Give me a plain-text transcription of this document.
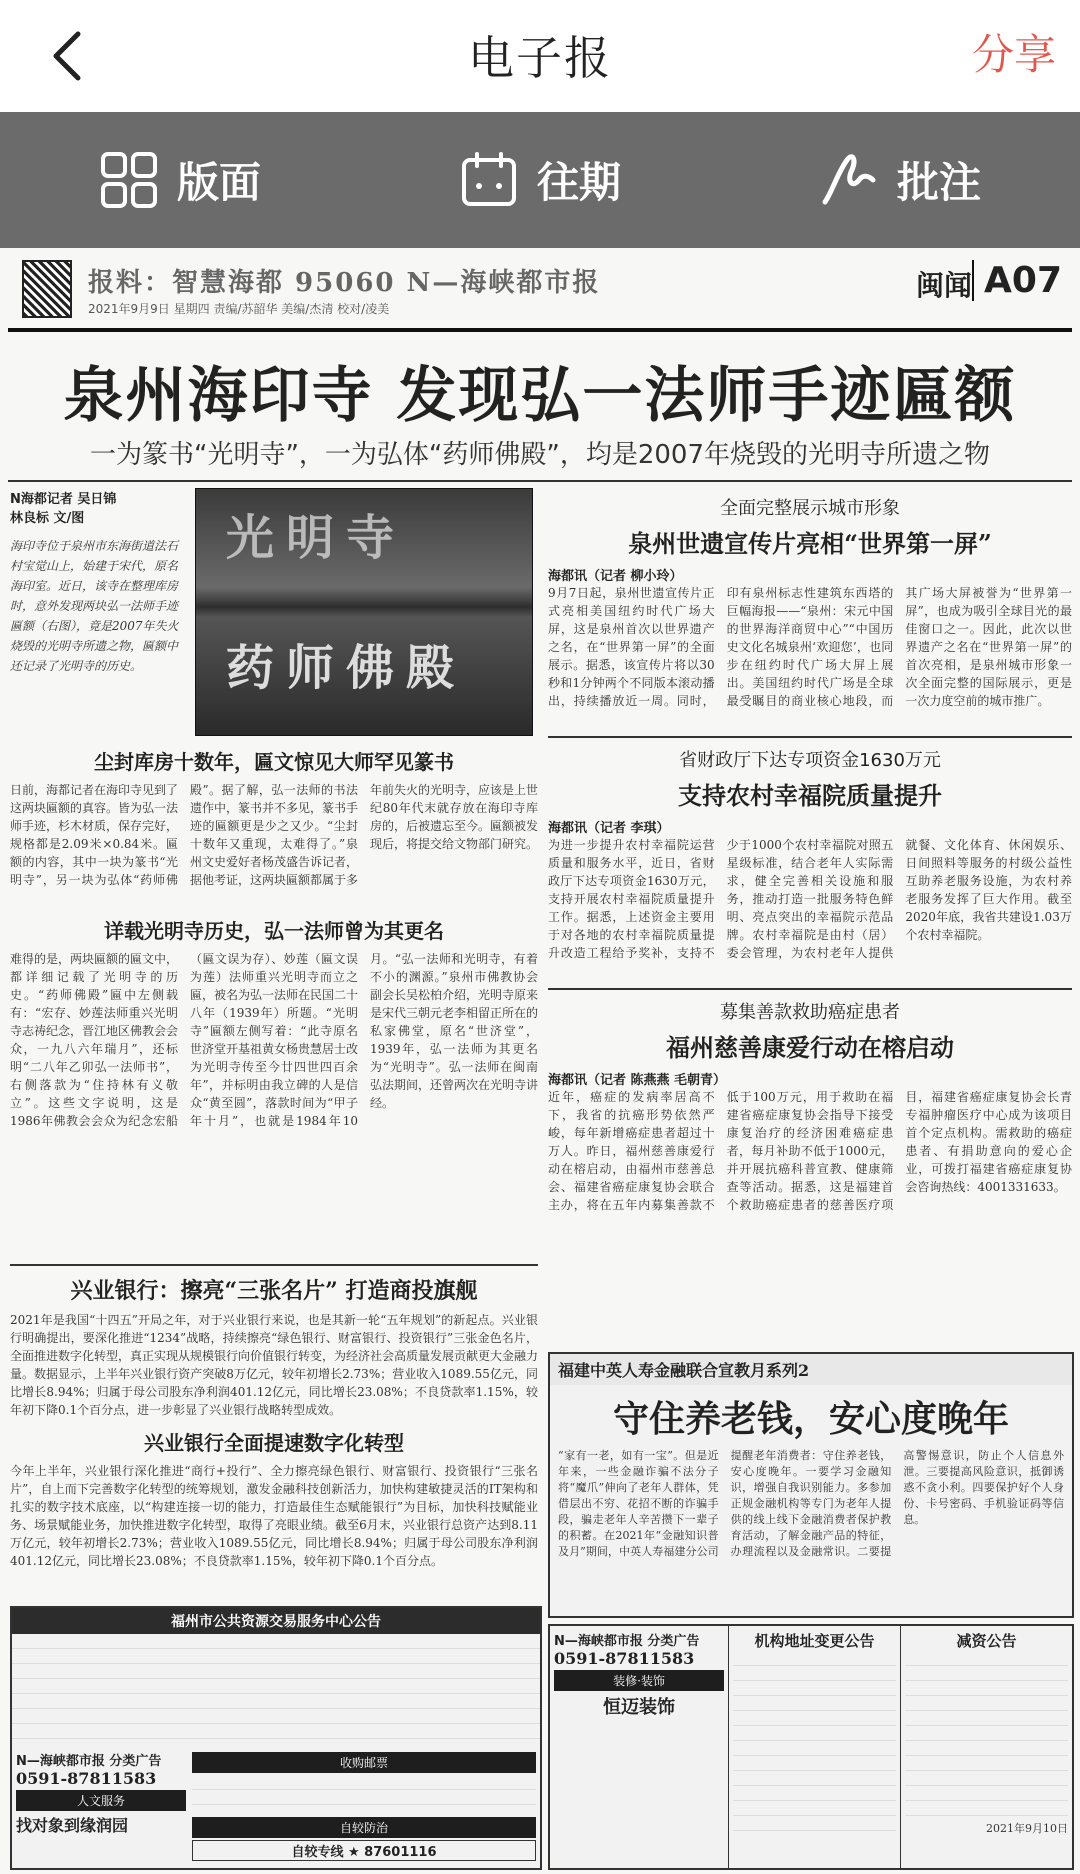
电子报	分享
版面	往期	批注
报料：智慧海都 95060 N—海峡都市报
2021年9月9日 星期四 责编/苏韶华 美编/杰清 校对/凌美
闽闻 A07
泉州海印寺 发现弘一法师手迹匾额
一为篆书“光明寺”，一为弘体“药师佛殿”，均是2007年烧毁的光明寺所遗之物
N海都记者 吴日锦
林良标 文/图
海印寺位于泉州市东海街道法石村宝觉山上，始建于宋代，原名海印室。近日，该寺在整理库房时，意外发现两块弘一法师手迹匾额（右图），竟是2007年失火烧毁的光明寺所遗之物，匾额中还记录了光明寺的历史。
光明寺
药师佛殿
尘封库房十数年，匾文惊见大师罕见篆书
日前，海都记者在海印寺见到了这两块匾额的真容。皆为弘一法师手迹，杉木材质，保存完好，规格都是2.09米×0.84米。匾额的内容，其中一块为篆书“光明寺”，另一块为弘体“药师佛殿”。据了解，弘一法师的书法遗作中，篆书并不多见，篆书手迹的匾额更是少之又少。“尘封十数年又重现，太难得了。”泉州文史爱好者杨茂盛告诉记者，据他考证，这两块匾额都属于多年前失火的光明寺，应该是上世纪80年代末就存放在海印寺库房的，后被遗忘至今。匾额被发现后，将提交给文物部门研究。
详载光明寺历史，弘一法师曾为其更名
难得的是，两块匾额的匾文中，都详细记载了光明寺的历史。“药师佛殿”匾中左侧载有：“宏存、妙莲法师重兴光明寺志祷纪念，晋江地区佛教会会众，一九八六年瑞月”，还标明“二八年乙卯弘一法师书”，右侧落款为“住持林有义敬立”。这些文字说明，这是1986年佛教会会众为纪念宏船（匾文误为存）、妙莲（匾文误为莲）法师重兴光明寺而立之匾，被名为弘一法师在民国二十八年（1939年）所题。“光明寺”匾额左侧写着：“此寺原名世济堂开基祖黄女杨贵慧居士改为光明寺传至今廿四世四百余年”，并标明由我立碑的人是信众“黄至圆”，落款时间为“甲子年十月”，也就是1984年10月。“弘一法师和光明寺，有着不小的渊源。”泉州市佛教协会副会长吴松柏介绍，光明寺原来是宋代三朝元老李相留正所在的私家佛堂，原名“世济堂”，1939年，弘一法师为其更名为“光明寺”。弘一法师在闽南弘法期间，还曾两次在光明寺讲经。
全面完整展示城市形象
泉州世遗宣传片亮相“世界第一屏”
海都讯（记者 柳小玲）
9月7日起，泉州世遗宣传片正式亮相美国纽约时代广场大屏，这是泉州首次以世界遗产之名，在“世界第一屏”的全面展示。据悉，该宣传片将以30秒和1分钟两个不同版本滚动播出，持续播放近一周。同时，印有泉州标志性建筑东西塔的巨幅海报——“泉州：宋元中国的世界海洋商贸中心”“中国历史文化名城泉州‘欢迎您’，也同步在纽约时代广场大屏上展出。美国纽约时代广场是全球最受瞩目的商业核心地段，而其广场大屏被誉为“世界第一屏”，也成为吸引全球目光的最佳窗口之一。因此，此次以世界遗产之名在“世界第一屏”的首次亮相，是泉州城市形象一次全面完整的国际展示，更是一次力度空前的城市推广。
省财政厅下达专项资金1630万元
支持农村幸福院质量提升
海都讯（记者 李琪）
为进一步提升农村幸福院运营质量和服务水平，近日，省财政厅下达专项资金1630万元，支持开展农村幸福院质量提升工作。据悉，上述资金主要用于对各地的农村幸福院质量提升改造工程给予奖补，支持不少于1000个农村幸福院对照五星级标准，结合老年人实际需求，健全完善相关设施和服务，推动打造一批服务特色鲜明、亮点突出的幸福院示范品牌。农村幸福院是由村（居）委会管理，为农村老年人提供就餐、文化体育、休闲娱乐、日间照料等服务的村级公益性互助养老服务设施，为农村养老服务发挥了巨大作用。截至2020年底，我省共建设1.03万个农村幸福院。
募集善款救助癌症患者
福州慈善康爱行动在榕启动
海都讯（记者 陈燕燕 毛朝青）
近年，癌症的发病率居高不下，我省的抗癌形势依然严峻，每年新增癌症患者超过十万人。昨日，福州慈善康爱行动在榕启动，由福州市慈善总会、福建省癌症康复协会联合主办，将在五年内募集善款不低于100万元，用于救助在福建省癌症康复协会指导下接受康复治疗的经济困难癌症患者，每月补助不低于1000元，并开展抗癌科普宣教、健康筛查等活动。据悉，这是福建首个救助癌症患者的慈善医疗项目，福建省癌症康复协会长青专福肿瘤医疗中心成为该项目首个定点机构。需救助的癌症患者、有捐助意向的爱心企业，可拨打福建省癌症康复协会咨询热线：4001331633。
兴业银行：擦亮“三张名片” 打造商投旗舰
2021年是我国“十四五”开局之年，对于兴业银行来说，也是其新一轮“五年规划”的新起点。兴业银行明确提出，要深化推进“1234”战略，持续擦亮“绿色银行、财富银行、投资银行”三张金色名片，全面推进数字化转型，真正实现从规模银行向价值银行转变，为经济社会高质量发展贡献更大金融力量。数据显示，上半年兴业银行资产突破8万亿元，较年初增长2.73%；营业收入1089.55亿元，同比增长8.94%；归属于母公司股东净利润401.12亿元，同比增长23.08%；不良贷款率1.15%，较年初下降0.1个百分点，进一步彰显了兴业银行战略转型成效。
兴业银行全面提速数字化转型
今年上半年，兴业银行深化推进“商行+投行”、全力擦亮绿色银行、财富银行、投资银行“三张名片”，自上而下完善数字化转型的统筹规划，激发金融科技创新活力，加快构建敏捷灵活的IT架构和扎实的数字技术底座，以“构建连接一切的能力，打造最佳生态赋能银行”为目标，加快科技赋能业务、场景赋能业务，加快推进数字化转型，取得了亮眼业绩。截至6月末，兴业银行总资产达到8.11万亿元，较年初增长2.73%；营业收入1089.55亿元，同比增长8.94%；归属于母公司股东净利润401.12亿元，同比增长23.08%；不良贷款率1.15%，较年初下降0.1个百分点。
福建中英人寿金融联合宣教月系列2
守住养老钱，安心度晚年
“家有一老，如有一宝”。但是近年来，一些金融诈骗不法分子将“魔爪”伸向了老年人群体，凭借层出不穷、花招不断的诈骗手段，骗走老年人辛苦攒下一辈子的积蓄。在2021年“金融知识普及月”期间，中英人寿福建分公司提醒老年消费者：守住养老钱，安心度晚年。一要学习金融知识，增强自我识别能力。多参加正规金融机构等专门为老年人提供的线上线下金融消费者保护教育活动，了解金融产品的特征，办理流程以及金融常识。二要提高警惕意识，防止个人信息外泄。三要提高风险意识，抵御诱惑不贪小利。四要保护好个人身份、卡号密码、手机验证码等信息。
福州市公共资源交易服务中心公告
N—海峡都市报 分类广告
0591-87811583
人文服务
找对象到缘润园
收购邮票
自较防治
自较专线 ★ 87601116
N—海峡都市报 分类广告
0591-87811583
装修·装饰
恒迈装饰
机构地址变更公告	减资公告
2021年9月10日
